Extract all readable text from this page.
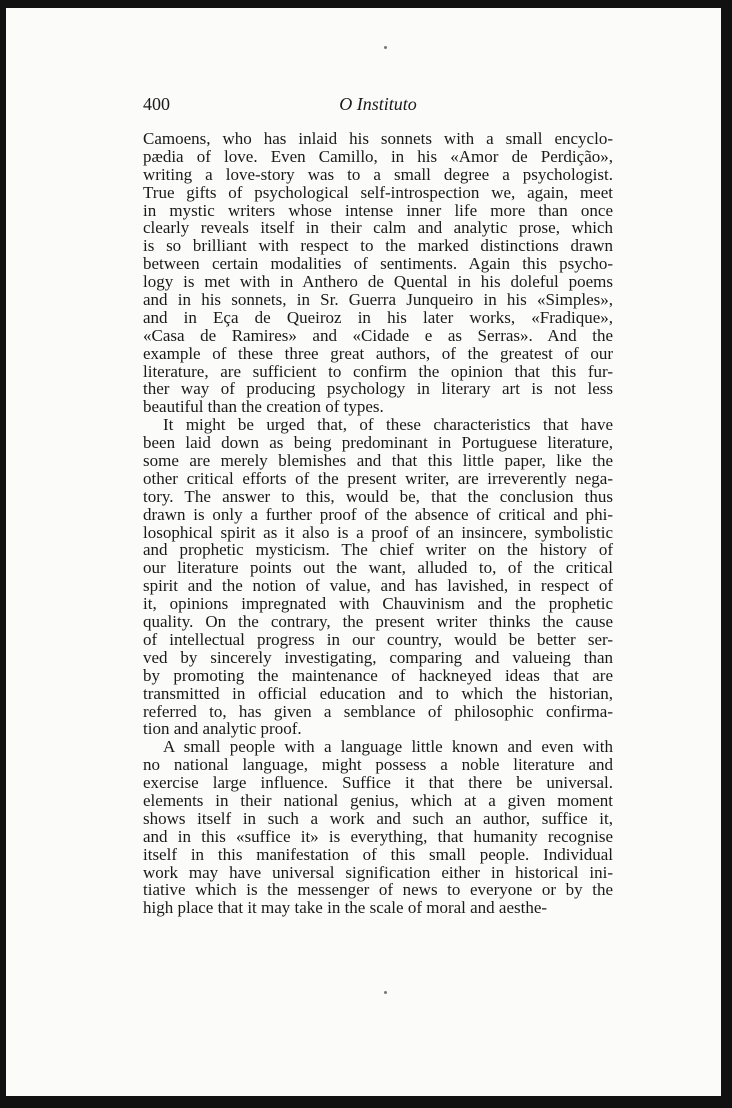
400	O Instituto
Camoens, who has inlaid his sonnets with a small encyclo-
pædia of love. Even Camillo, in his «Amor de Perdição»,
writing a love-story was to a small degree a psychologist.
True gifts of psychological self-introspection we, again, meet
in mystic writers whose intense inner life more than once
clearly reveals itself in their calm and analytic prose, which
is so brilliant with respect to the marked distinctions drawn
between certain modalities of sentiments. Again this psycho-
logy is met with in Anthero de Quental in his doleful poems
and in his sonnets, in Sr. Guerra Junqueiro in his «Simples»,
and in Eça de Queiroz in his later works, «Fradique»,
«Casa de Ramires» and «Cidade e as Serras». And the
example of these three great authors, of the greatest of our
literature, are sufficient to confirm the opinion that this fur-
ther way of producing psychology in literary art is not less
beautiful than the creation of types.
It might be urged that, of these characteristics that have
been laid down as being predominant in Portuguese literature,
some are merely blemishes and that this little paper, like the
other critical efforts of the present writer, are irreverently nega-
tory. The answer to this, would be, that the conclusion thus
drawn is only a further proof of the absence of critical and phi-
losophical spirit as it also is a proof of an insincere, symbolistic
and prophetic mysticism. The chief writer on the history of
our literature points out the want, alluded to, of the critical
spirit and the notion of value, and has lavished, in respect of
it, opinions impregnated with Chauvinism and the prophetic
quality. On the contrary, the present writer thinks the cause
of intellectual progress in our country, would be better ser-
ved by sincerely investigating, comparing and valueing than
by promoting the maintenance of hackneyed ideas that are
transmitted in official education and to which the historian,
referred to, has given a semblance of philosophic confirma-
tion and analytic proof.
A small people with a language little known and even with
no national language, might possess a noble literature and
exercise large influence. Suffice it that there be universal.
elements in their national genius, which at a given moment
shows itself in such a work and such an author, suffice it,
and in this «suffice it» is everything, that humanity recognise
itself in this manifestation of this small people. Individual
work may have universal signification either in historical ini-
tiative which is the messenger of news to everyone or by the
high place that it may take in the scale of moral and aesthe-
